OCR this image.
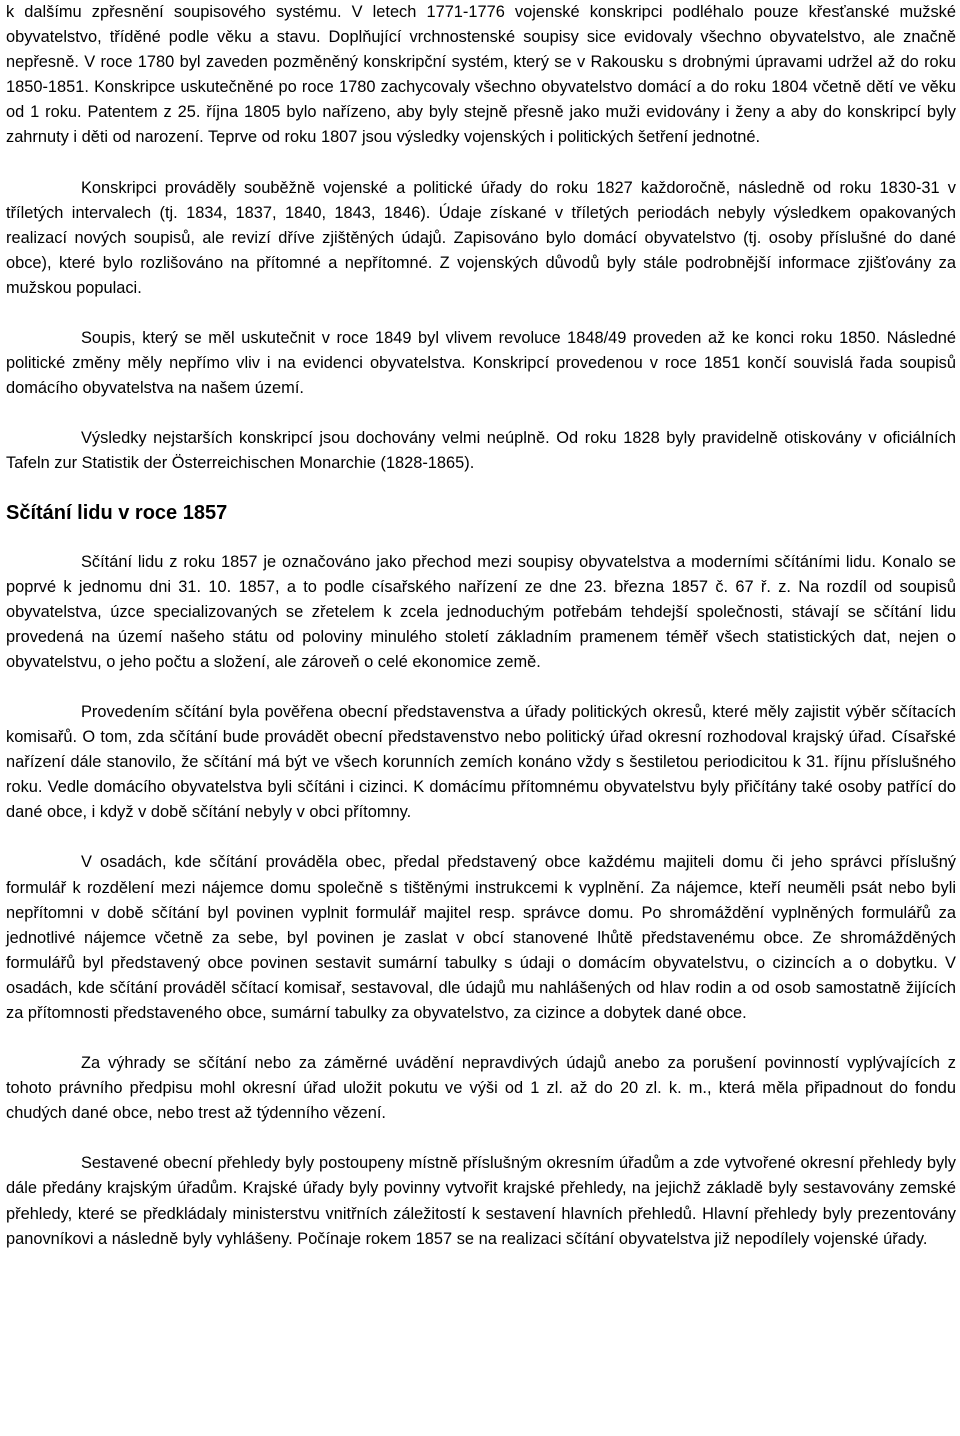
k dalšímu zpřesnění soupisového systému. V letech 1771-1776 vojenské konskripci podléhalo pouze křesťanské mužské obyvatelstvo, tříděné podle věku a stavu. Doplňující vrchnostenské soupisy sice evidovaly všechno obyvatelstvo, ale značně nepřesně. V roce 1780 byl zaveden pozměněný konskripční systém, který se v Rakousku s drobnými úpravami udržel až do roku 1850-1851. Konskripce uskutečněné po roce 1780 zachycovaly všechno obyvatelstvo domácí a do roku 1804 včetně dětí ve věku od 1 roku. Patentem z 25. října 1805 bylo nařízeno, aby byly stejně přesně jako muži evidovány i ženy a aby do konskripcí byly zahrnuty i děti od narození. Teprve od roku 1807 jsou výsledky vojenských i politických šetření jednotné.

Konskripci prováděly souběžně vojenské a politické úřady do roku 1827 každoročně, následně od roku 1830-31 v tříletých intervalech (tj. 1834, 1837, 1840, 1843, 1846). Údaje získané v tříletých periodách nebyly výsledkem opakovaných realizací nových soupisů, ale revizí dříve zjištěných údajů. Zapisováno bylo domácí obyvatelstvo (tj. osoby příslušné do dané obce), které bylo rozlišováno na přítomné a nepřítomné. Z vojenských důvodů byly stále podrobnější informace zjišťovány za mužskou populaci.

Soupis, který se měl uskutečnit v roce 1849 byl vlivem revoluce 1848/49 proveden až ke konci roku 1850. Následné politické změny měly nepřímo vliv i na evidenci obyvatelstva. Konskripcí provedenou v roce 1851 končí souvislá řada soupisů domácího obyvatelstva na našem území.

Výsledky nejstarších konskripcí jsou dochovány velmi neúplně. Od roku 1828 byly pravidelně otiskovány v oficiálních Tafeln zur Statistik der Österreichischen Monarchie (1828-1865).

Sčítání lidu v roce 1857

Sčítání lidu z roku 1857 je označováno jako přechod mezi soupisy obyvatelstva a moderními sčítáními lidu. Konalo se poprvé k jednomu dni 31. 10. 1857, a to podle císařského nařízení ze dne 23. března 1857 č. 67 ř. z. Na rozdíl od soupisů obyvatelstva, úzce specializovaných se zřetelem k zcela jednoduchým potřebám tehdejší společnosti, stávají se sčítání lidu provedená na území našeho státu od poloviny minulého století základním pramenem téměř všech statistických dat, nejen o obyvatelstvu, o jeho počtu a složení, ale zároveň o celé ekonomice země.

Provedením sčítání byla pověřena obecní představenstva a úřady politických okresů, které měly zajistit výběr sčítacích komisařů. O tom, zda sčítání bude provádět obecní představenstvo nebo politický úřad okresní rozhodoval krajský úřad. Císařské nařízení dále stanovilo, že sčítání má být ve všech korunních zemích konáno vždy s šestiletou periodicitou k 31. říjnu příslušného roku. Vedle domácího obyvatelstva byli sčítáni i cizinci. K domácímu přítomnému obyvatelstvu byly přičítány také osoby patřící do dané obce, i když v době sčítání nebyly v obci přítomny.

V osadách, kde sčítání prováděla obec, předal představený obce každému majiteli domu či jeho správci příslušný formulář k rozdělení mezi nájemce domu společně s tištěnými instrukcemi k vyplnění. Za nájemce, kteří neuměli psát nebo byli nepřítomni v době sčítání byl povinen vyplnit formulář majitel resp. správce domu. Po shromáždění vyplněných formulářů za jednotlivé nájemce včetně za sebe, byl povinen je zaslat v obcí stanovené lhůtě představenému obce. Ze shromážděných formulářů byl představený obce povinen sestavit sumární tabulky s údaji o domácím obyvatelstvu, o cizincích a o dobytku. V osadách, kde sčítání prováděl sčítací komisař, sestavoval, dle údajů mu nahlášených od hlav rodin a od osob samostatně žijících za přítomnosti představeného obce, sumární tabulky za obyvatelstvo, za cizince a dobytek dané obce.

Za výhrady se sčítání nebo za záměrné uvádění nepravdivých údajů anebo za porušení povinností vyplývajících z tohoto právního předpisu mohl okresní úřad uložit pokutu ve výši od 1 zl. až do 20 zl. k. m., která měla připadnout do fondu chudých dané obce, nebo trest až týdenního vězení.

Sestavené obecní přehledy byly postoupeny místně příslušným okresním úřadům a zde vytvořené okresní přehledy byly dále předány krajským úřadům. Krajské úřady byly povinny vytvořit krajské přehledy, na jejichž základě byly sestavovány zemské přehledy, které se předkládaly ministerstvu vnitřních záležitostí k sestavení hlavních přehledů. Hlavní přehledy byly prezentovány panovníkovi a následně byly vyhlášeny. Počínaje rokem 1857 se na realizaci sčítání obyvatelstva již nepodílely vojenské úřady.
